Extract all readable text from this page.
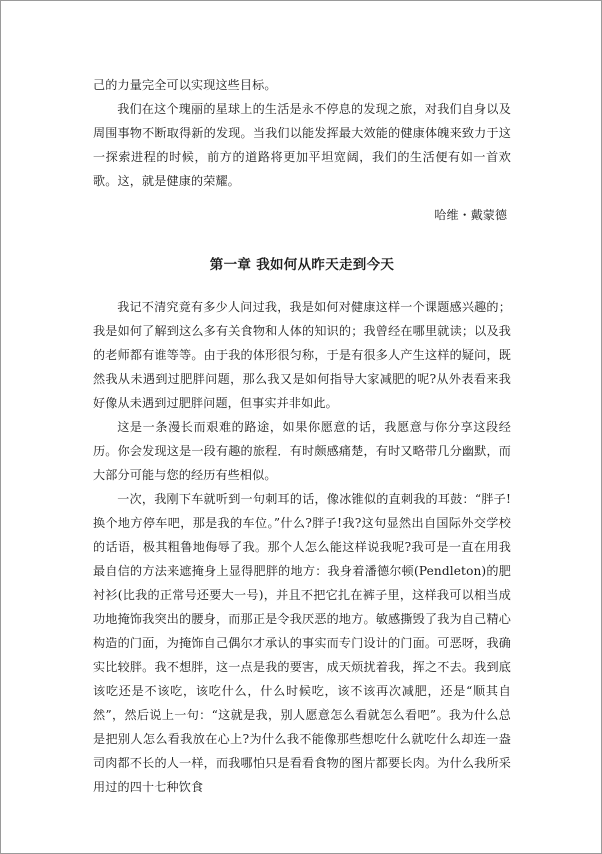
己的力量完全可以实现这些目标。

我们在这个瑰丽的星球上的生活是永不停息的发现之旅，对我们自身以及周围事物不断取得新的发现。当我们以能发挥最大效能的健康体魄来致力于这一探索进程的时候，前方的道路将更加平坦宽阔，我们的生活便有如一首欢歌。这，就是健康的荣耀。

哈维・戴蒙德

第一章 我如何从昨天走到今天

我记不清究竟有多少人问过我，我是如何对健康这样一个课题感兴趣的；我是如何了解到这么多有关食物和人体的知识的；我曾经在哪里就读；以及我的老师都有谁等等。由于我的体形很匀称，于是有很多人产生这样的疑问，既然我从未遇到过肥胖问题，那么我又是如何指导大家减肥的呢?从外表看来我好像从未遇到过肥胖问题，但事实并非如此。

这是一条漫长而艰难的路途，如果你愿意的话，我愿意与你分享这段经历。你会发现这是一段有趣的旅程．有时颇感痛楚，有时又略带几分幽默，而大部分可能与您的经历有些相似。

一次，我刚下车就听到一句刺耳的话，像冰锥似的直刺我的耳鼓：“胖子!换个地方停车吧，那是我的车位。”什么?胖子!我?这句显然出自国际外交学校的话语，极其粗鲁地侮辱了我。那个人怎么能这样说我呢?我可是一直在用我最自信的方法来遮掩身上显得肥胖的地方：我身着潘德尔顿(Pendleton)的肥衬衫(比我的正常号还要大一号)，并且不把它扎在裤子里，这样我可以相当成功地掩饰我突出的腰身，而那正是令我厌恶的地方。敏感撕毁了我为自己精心构造的门面，为掩饰自己偶尔才承认的事实而专门设计的门面。可恶呀，我确实比较胖。我不想胖，这一点是我的要害，成天烦扰着我，挥之不去。我到底该吃还是不该吃，该吃什么，什么时候吃，该不该再次减肥，还是“顺其自然”，然后说上一句：“这就是我，别人愿意怎么看就怎么看吧”。我为什么总是把别人怎么看我放在心上?为什么我不能像那些想吃什么就吃什么却连一盎司肉都不长的人一样，而我哪怕只是看看食物的图片都要长肉。为什么我所采用过的四十七种饮食
